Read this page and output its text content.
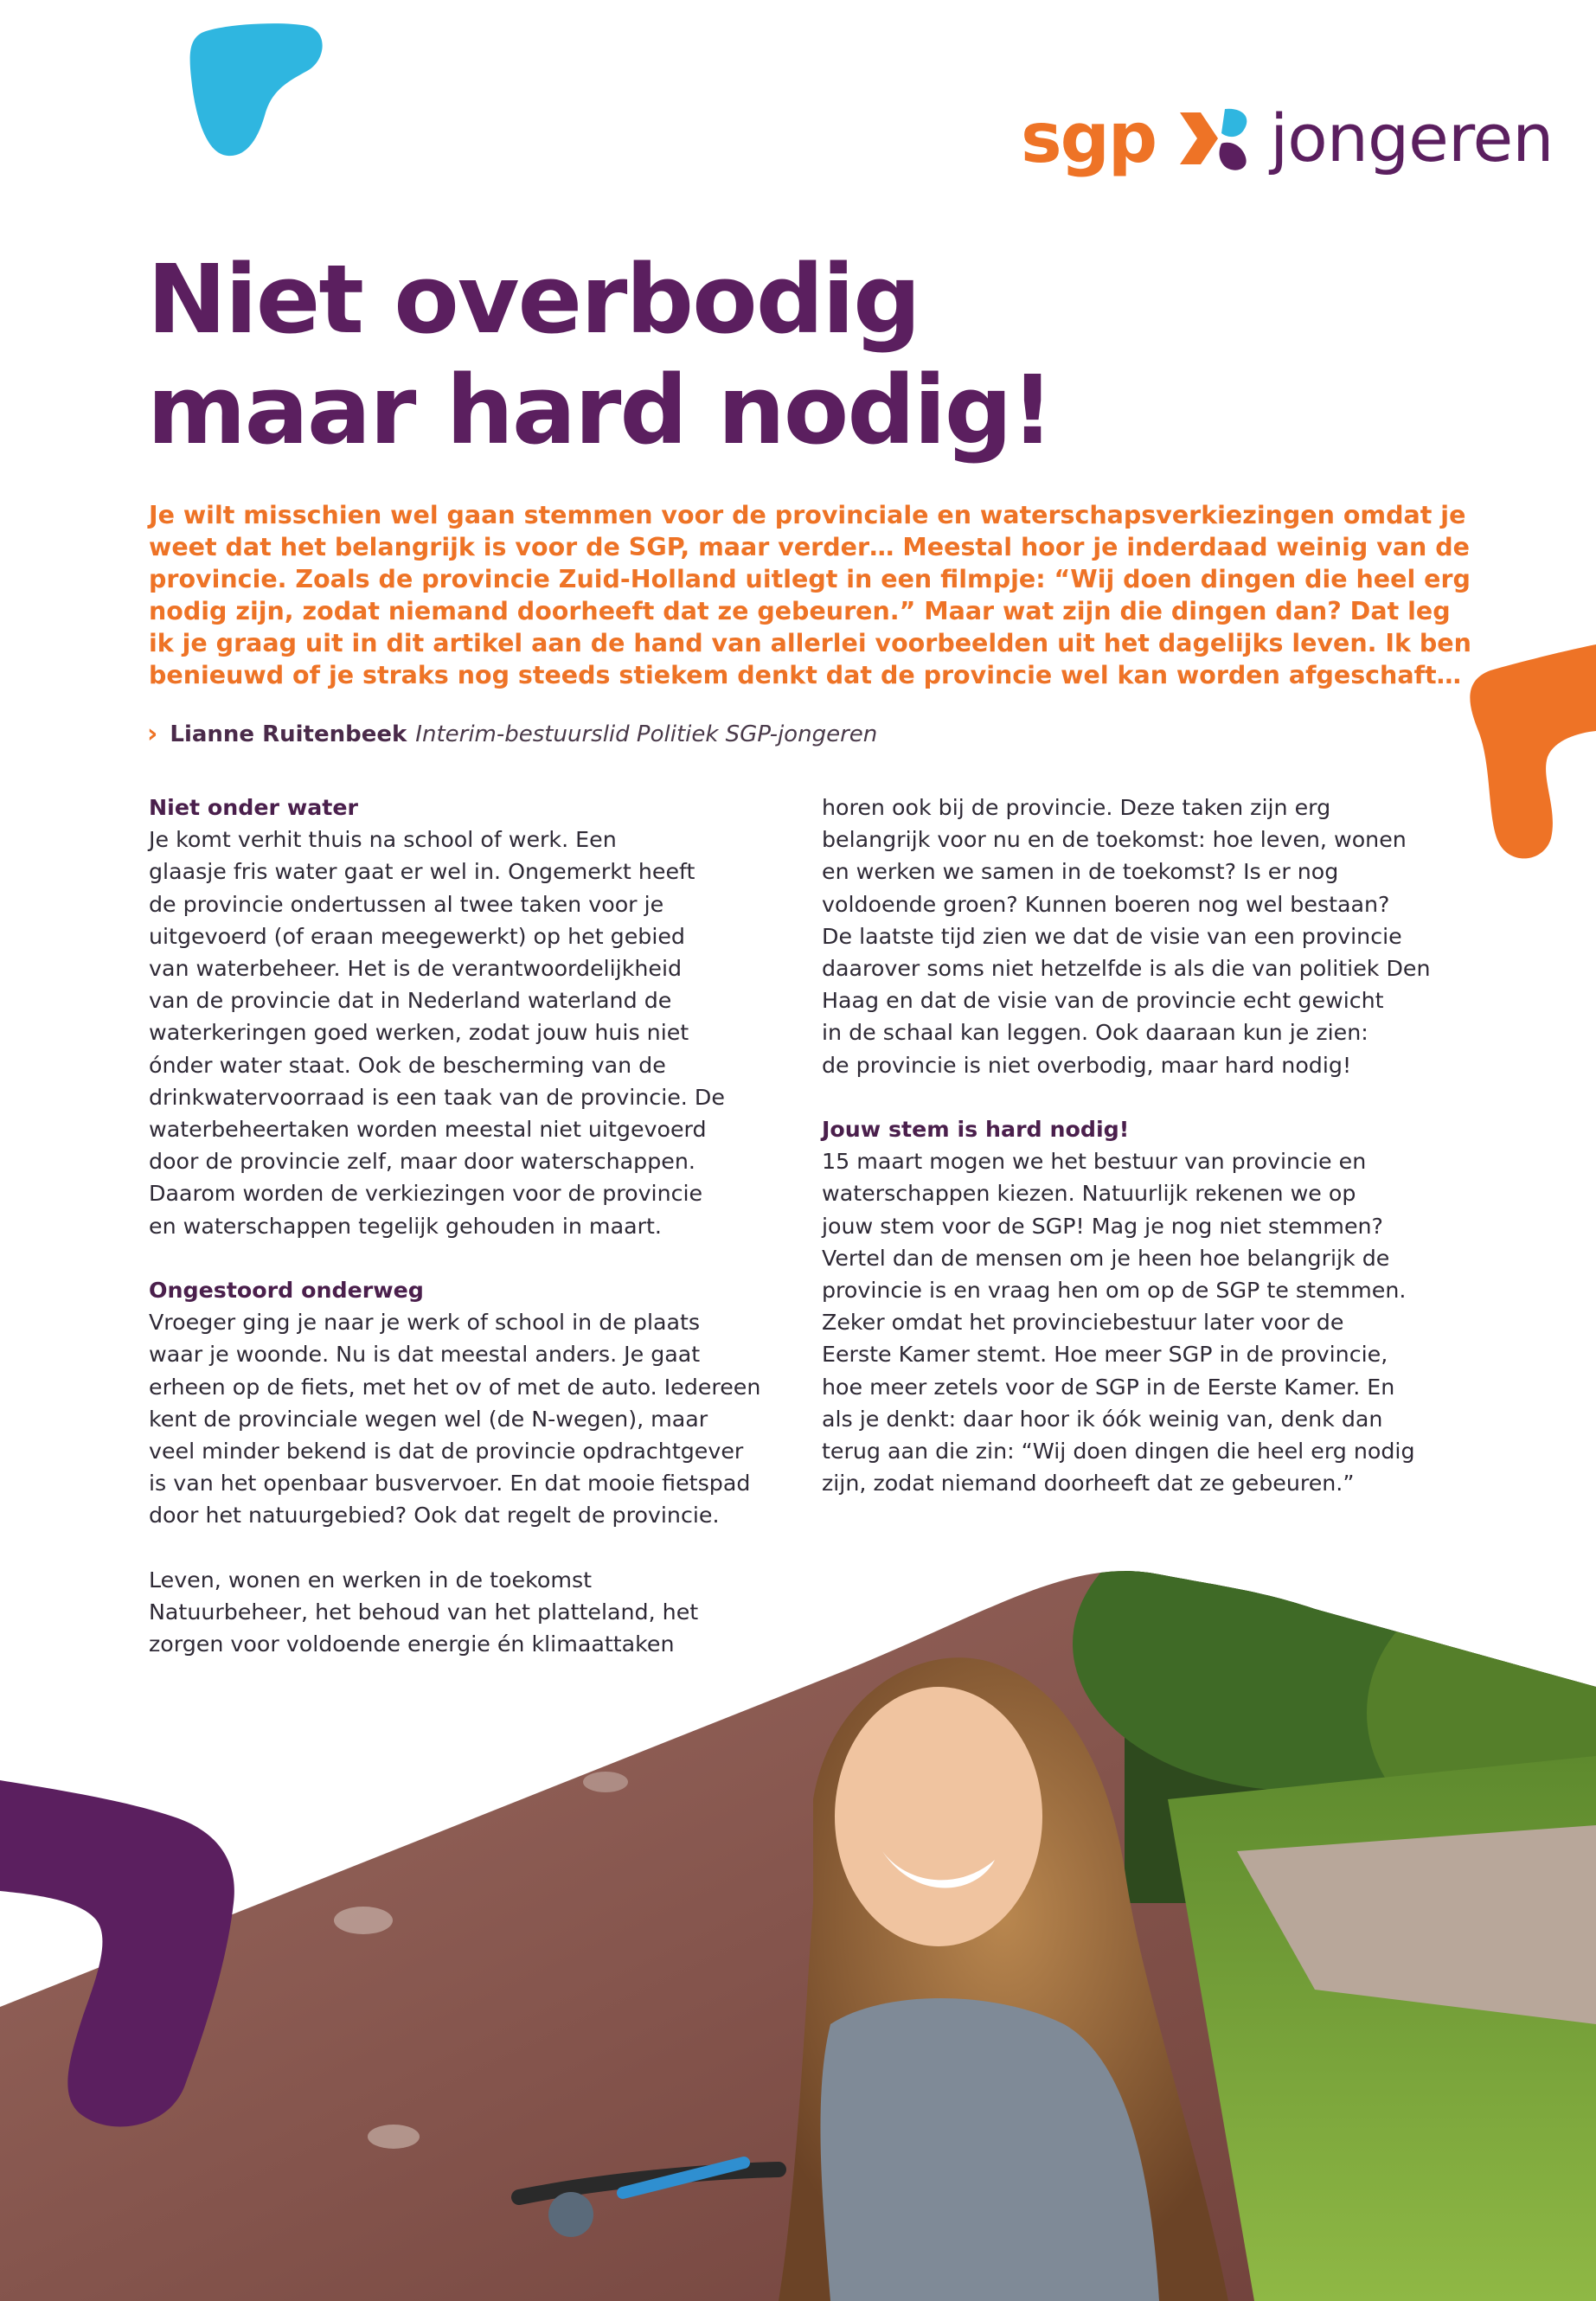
sgp jongeren
Niet overbodig
maar hard nodig!
Je wilt misschien wel gaan stemmen voor de provinciale en waterschapsverkiezingen omdat je
weet dat het belangrijk is voor de SGP, maar verder… Meestal hoor je inderdaad weinig van de
provincie. Zoals de provincie Zuid-Holland uitlegt in een filmpje: “Wij doen dingen die heel erg
nodig zijn, zodat niemand doorheeft dat ze gebeuren.” Maar wat zijn die dingen dan? Dat leg
ik je graag uit in dit artikel aan de hand van allerlei voorbeelden uit het dagelijks leven. Ik ben
benieuwd of je straks nog steeds stiekem denkt dat de provincie wel kan worden afgeschaft…
› Lianne Ruitenbeek Interim-bestuurslid Politiek SGP-jongeren
Niet onder water
Je komt verhit thuis na school of werk. Een
glaasje fris water gaat er wel in. Ongemerkt heeft
de provincie ondertussen al twee taken voor je
uitgevoerd (of eraan meegewerkt) op het gebied
van waterbeheer. Het is de verantwoordelijkheid
van de provincie dat in Nederland waterland de
waterkeringen goed werken, zodat jouw huis niet
ónder water staat. Ook de bescherming van de
drinkwatervoorraad is een taak van de provincie. De
waterbeheertaken worden meestal niet uitgevoerd
door de provincie zelf, maar door waterschappen.
Daarom worden de verkiezingen voor de provincie
en waterschappen tegelijk gehouden in maart.
Ongestoord onderweg
Vroeger ging je naar je werk of school in de plaats
waar je woonde. Nu is dat meestal anders. Je gaat
erheen op de fiets, met het ov of met de auto. Iedereen
kent de provinciale wegen wel (de N-wegen), maar
veel minder bekend is dat de provincie opdrachtgever
is van het openbaar busvervoer. En dat mooie fietspad
door het natuurgebied? Ook dat regelt de provincie.
Leven, wonen en werken in de toekomst
Natuurbeheer, het behoud van het platteland, het
zorgen voor voldoende energie én klimaattaken
horen ook bij de provincie. Deze taken zijn erg
belangrijk voor nu en de toekomst: hoe leven, wonen
en werken we samen in de toekomst? Is er nog
voldoende groen? Kunnen boeren nog wel bestaan?
De laatste tijd zien we dat de visie van een provincie
daarover soms niet hetzelfde is als die van politiek Den
Haag en dat de visie van de provincie echt gewicht
in de schaal kan leggen. Ook daaraan kun je zien:
de provincie is niet overbodig, maar hard nodig!
Jouw stem is hard nodig!
15 maart mogen we het bestuur van provincie en
waterschappen kiezen. Natuurlijk rekenen we op
jouw stem voor de SGP! Mag je nog niet stemmen?
Vertel dan de mensen om je heen hoe belangrijk de
provincie is en vraag hen om op de SGP te stemmen.
Zeker omdat het provinciebestuur later voor de
Eerste Kamer stemt. Hoe meer SGP in de provincie,
hoe meer zetels voor de SGP in de Eerste Kamer. En
als je denkt: daar hoor ik óók weinig van, denk dan
terug aan die zin: “Wij doen dingen die heel erg nodig
zijn, zodat niemand doorheeft dat ze gebeuren.”
